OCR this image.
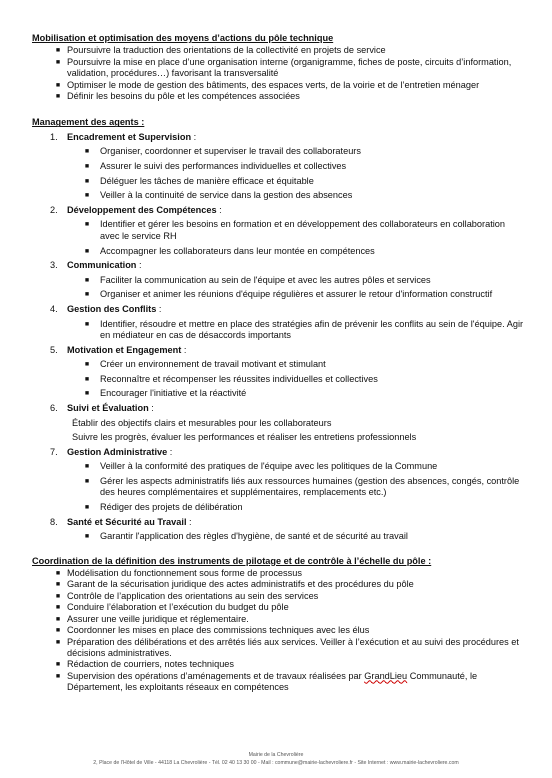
Mobilisation et optimisation des moyens d’actions du pôle technique
■ Poursuivre la traduction des orientations de la collectivité en projets de service
■ Poursuivre la mise en place d’une organisation interne (organigramme, fiches de poste, circuits d’information, validation, procédures…) favorisant la transversalité
■ Optimiser le mode de gestion des bâtiments, des espaces verts, de la voirie et de l’entretien ménager
■ Définir les besoins du pôle et les compétences associées
Management des agents :
1. Encadrement et Supervision :
■ Organiser, coordonner et superviser le travail des collaborateurs
■ Assurer le suivi des performances individuelles et collectives
■ Déléguer les tâches de manière efficace et équitable
■ Veiller à la continuité de service dans la gestion des absences
2. Développement des Compétences :
■ Identifier et gérer les besoins en formation et en développement des collaborateurs en collaboration avec le service RH
■ Accompagner les collaborateurs dans leur montée en compétences
3. Communication :
■ Faciliter la communication au sein de l'équipe et avec les autres pôles et services
■ Organiser et animer les réunions d'équipe régulières et assurer le retour d'information constructif
4. Gestion des Conflits :
■ Identifier, résoudre et mettre en place des stratégies afin de prévenir les conflits au sein de l'équipe. Agir en médiateur en cas de désaccords importants
5. Motivation et Engagement :
■ Créer un environnement de travail motivant et stimulant
■ Reconnaître et récompenser les réussites individuelles et collectives
■ Encourager l'initiative et la réactivité
6. Suivi et Évaluation :
Établir des objectifs clairs et mesurables pour les collaborateurs
Suivre les progrès, évaluer les performances et réaliser les entretiens professionnels
7. Gestion Administrative :
■ Veiller à la conformité des pratiques de l'équipe avec les politiques de la Commune
■ Gérer les aspects administratifs liés aux ressources humaines (gestion des absences, congés, contrôle des heures complémentaires et supplémentaires, remplacements etc.)
■ Rédiger des projets de délibération
8. Santé et Sécurité au Travail :
■ Garantir l'application des règles d'hygiène, de santé et de sécurité au travail
Coordination de la définition des instruments de pilotage et de contrôle à l’échelle du pôle :
■ Modélisation du fonctionnement sous forme de processus
■ Garant de la sécurisation juridique des actes administratifs et des procédures du pôle
■ Contrôle de l’application des orientations au sein des services
■ Conduire l’élaboration et l’exécution du budget du pôle
■ Assurer une veille juridique et réglementaire.
■ Coordonner les mises en place des commissions techniques avec les élus
■ Préparation des délibérations et des arrêtés liés aux services. Veiller à l’exécution et au suivi des procédures et décisions administratives.
■ Rédaction de courriers, notes techniques
■ Supervision des opérations d’aménagements et de travaux réalisées par GrandLieu Communauté, le Département, les exploitants réseaux en compétences
Mairie de la Chevrolière
2, Place de l’Hôtel de Ville - 44118 La Chevrolière - Tél. 02 40 13 30 00 - Mail : commune@mairie-lachevroliere.fr - Site Internet : www.mairie-lachevroliere.com
